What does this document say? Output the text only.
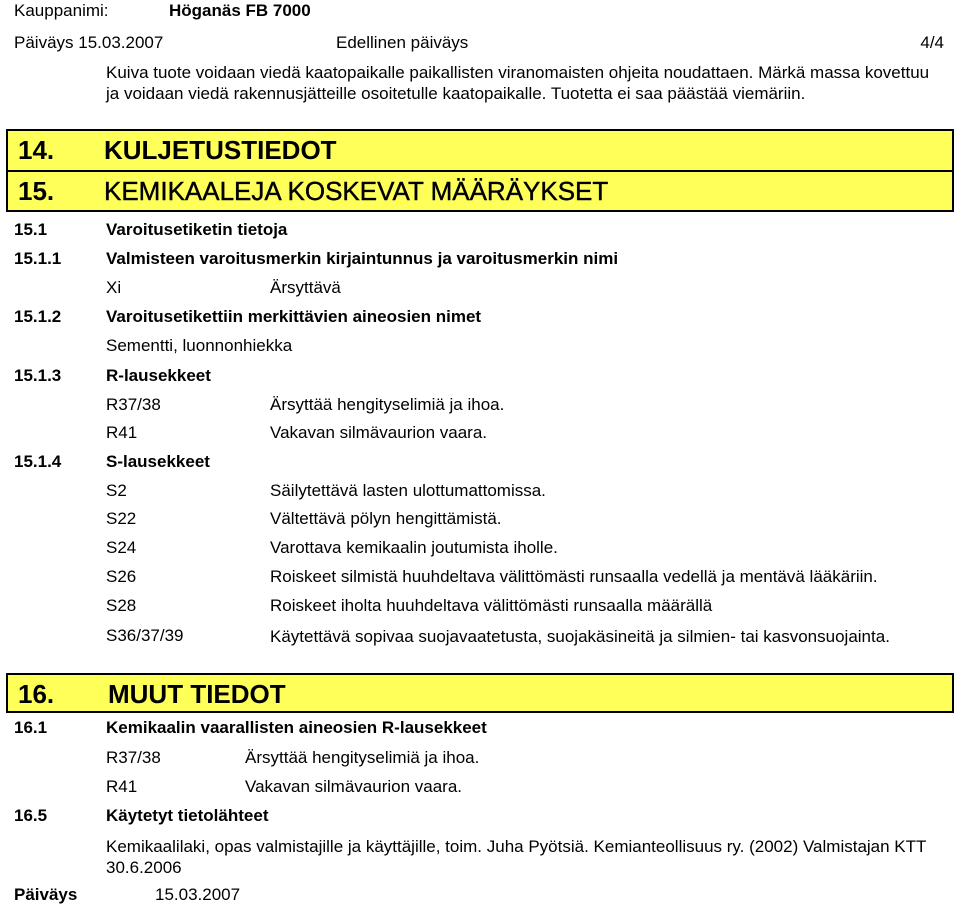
Kauppanimi:	Höganäs FB 7000
Päiväys 15.03.2007	Edellinen päiväys	4/4
Kuiva tuote voidaan viedä kaatopaikalle paikallisten viranomaisten ohjeita noudattaen. Märkä massa kovettuu ja voidaan viedä rakennusjätteille osoitetulle kaatopaikalle. Tuotetta ei saa päästää viemäriin.
14. KULJETUSTIEDOT
15. KEMIKAALEJA KOSKEVAT MÄÄRÄYKSET
15.1	Varoitusetiketin tietoja
15.1.1	Valmisteen varoitusmerkin kirjaintunnus ja varoitusmerkin nimi
Xi	Ärsyttävä
15.1.2	Varoitusetikettiin merkittävien aineosien nimet
Sementti, luonnonhiekka
15.1.3	R-lausekkeet
R37/38	Ärsyttää hengityselimiä ja ihoa.
R41	Vakavan silmävaurion vaara.
15.1.4	S-lausekkeet
S2	Säilytettävä lasten ulottumattomissa.
S22	Vältettävä pölyn hengittämistä.
S24	Varottava kemikaalin joutumista iholle.
S26	Roiskeet silmistä huuhdeltava välittömästi runsaalla vedellä ja mentävä lääkäriin.
S28	Roiskeet iholta huuhdeltava välittömästi runsaalla määrällä
S36/37/39	Käytettävä sopivaa suojavaatetusta, suojakäsineitä ja silmien- tai kasvonsuojainta.
16. MUUT TIEDOT
16.1	Kemikaalin vaarallisten aineosien R-lausekkeet
R37/38	Ärsyttää hengityselimiä ja ihoa.
R41	Vakavan silmävaurion vaara.
16.5	Käytetyt tietolähteet
Kemikaalilaki, opas valmistajille ja käyttäjille, toim. Juha Pyötsiä. Kemianteollisuus ry. (2002) Valmistajan KTT 30.6.2006
Päiväys	15.03.2007
